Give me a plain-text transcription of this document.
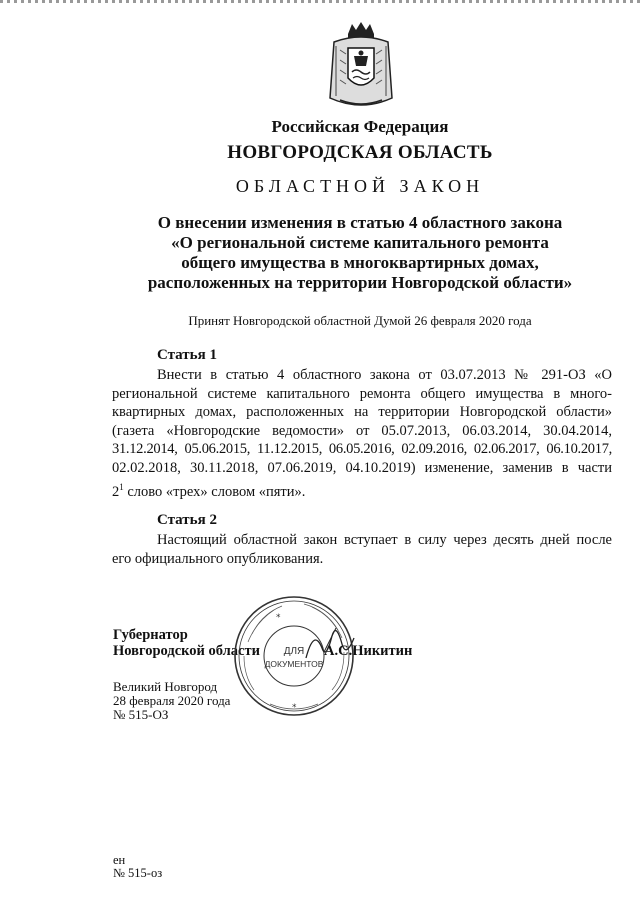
Российская Федерация
НОВГОРОДСКАЯ ОБЛАСТЬ
ОБЛАСТНОЙ ЗАКОН
О внесении изменения в статью 4 областного закона
«О региональной системе капитального ремонта
общего имущества в многоквартирных домах,
расположенных на территории Новгородской области»
Принят Новгородской областной Думой 26 февраля 2020 года
Статья 1
Внести в статью 4 областного закона от 03.07.2013 № 291-ОЗ «О
региональной системе капитального ремонта общего имущества в много-
квартирных домах, расположенных на территории Новгородской области»
(газета «Новгородские ведомости» от 05.07.2013, 06.03.2014, 30.04.2014,
31.12.2014, 05.06.2015, 11.12.2015, 06.05.2016, 02.09.2016, 02.06.2017, 06.10.2017,
02.02.2018, 30.11.2018, 07.06.2019, 04.10.2019) изменение, заменив в части
$2^1$ слово «трех» словом «пяти».
Статья 2
Настоящий областной закон вступает в силу через десять дней после
его официального опубликования.
Губернатор
Новгородской области	А.С.Никитин
Великий Новгород
28 февраля 2020 года
№ 515-ОЗ
ДЛЯ
ДОКУМЕНТОВ
*
*
ен
№ 515-оз
